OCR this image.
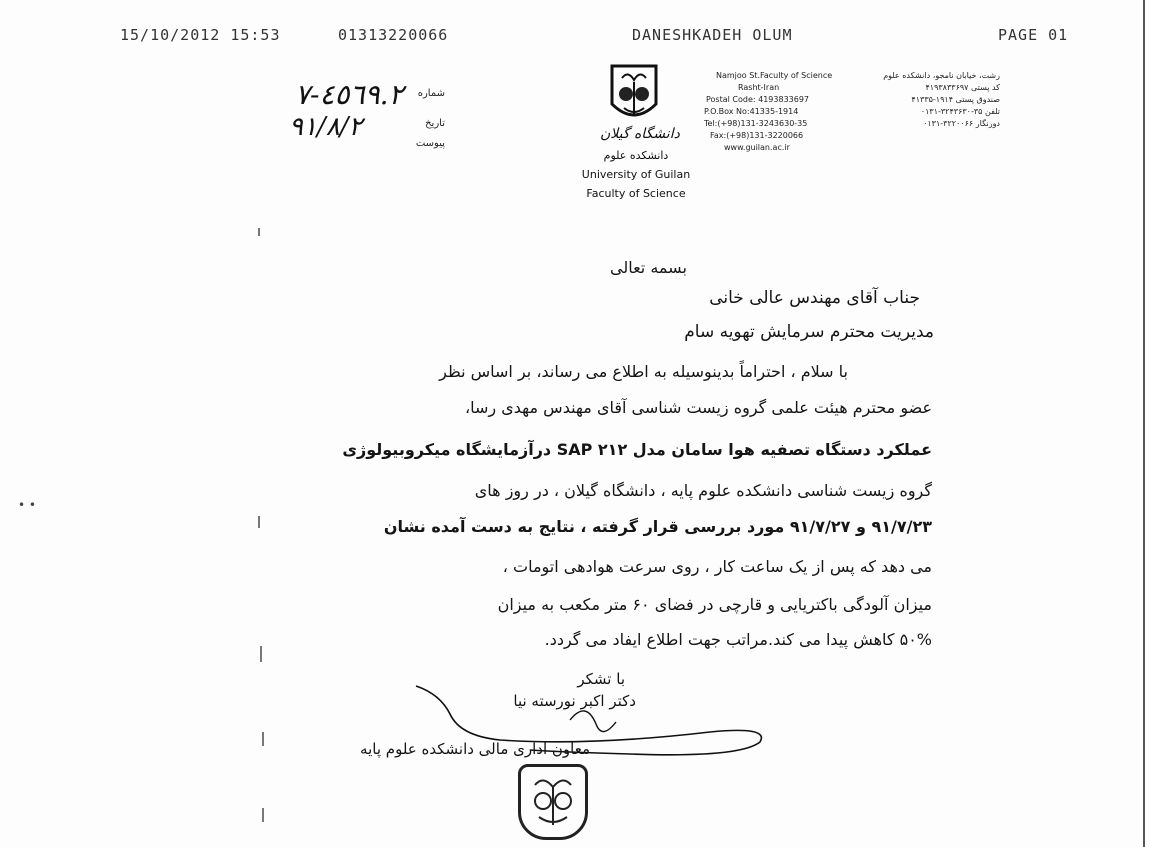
15/10/2012 15:53	01313220066	DANESHKADEH OLUM	PAGE 01
۷-٤٥٦٩.٢ شماره
۹۱/۸/۲	تاریخ
پیوست
دانشگاه گیلان
دانشکده علوم
University of Guilan
Faculty of Science
Namjoo St.Faculty of Science
Rasht-Iran
Postal Code: 4193833697
P.O.Box No:41335-1914
Tel:(+98)131-3243630-35
Fax:(+98)131-3220066
www.guilan.ac.ir
رشت، خیابان نامجو، دانشکده علوم
کد پستی ۴۱۹۳۸۳۳۶۹۷
صندوق پستی ۱۹۱۴-۴۱۳۳۵
تلفن ۳۵-۳۲۴۳۶۳۰-۰۱۳۱
دورنگار ۳۲۲۰۰۶۶-۰۱۳۱
• •
بسمه تعالی
جناب آقای مهندس عالی خانی
مدیریت محترم سرمایش تهویه سام
با سلام ، احتراماً بدینوسیله به اطلاع می رساند، بر اساس نظر
عضو محترم هیئت علمی گروه زیست شناسی آقای مهندس مهدی رسا،
عملکرد دستگاه تصفیه هوا سامان مدل ۲۱۲ SAP درآزمایشگاه میکروبیولوژی
گروه زیست شناسی دانشکده علوم پایه ، دانشگاه گیلان ، در روز های
۹۱/۷/۲۳ و ۹۱/۷/۲۷ مورد بررسی قرار گرفته ، نتایج به دست آمده نشان
می دهد که پس از یک ساعت کار ، روی سرعت هوادهی اتومات ،
میزان آلودگی باکتریایی و قارچی در فضای ۶۰ متر مکعب به میزان
۵۰% کاهش پیدا می کند.مراتب جهت اطلاع ایفاد می گردد.
با تشکر
دکتر اکبر نورسته نیا
معاون اداری مالی دانشکده علوم پایه
